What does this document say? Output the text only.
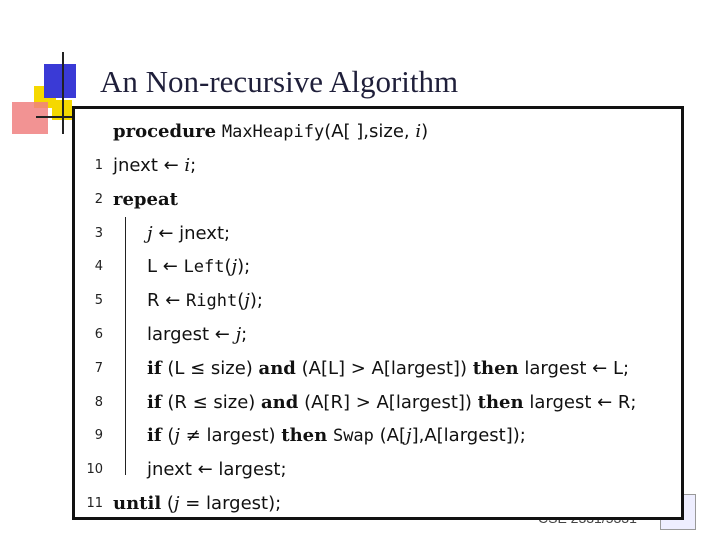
An Non-recursive Algorithm
procedure MaxHeapify(A[ ],size, i)
1 jnext ← i;
2 repeat
3 j ← jnext;
4 L ← Left(j);
5 R ← Right(j);
6 largest ← j;
7 if (L ≤ size) and (A[L] > A[largest]) then largest ← L;
8 if (R ≤ size) and (A[R] > A[largest]) then largest ← R;
9 if (j ≠ largest) then Swap (A[j],A[largest]);
10 jnext ← largest;
11 until (j = largest);
